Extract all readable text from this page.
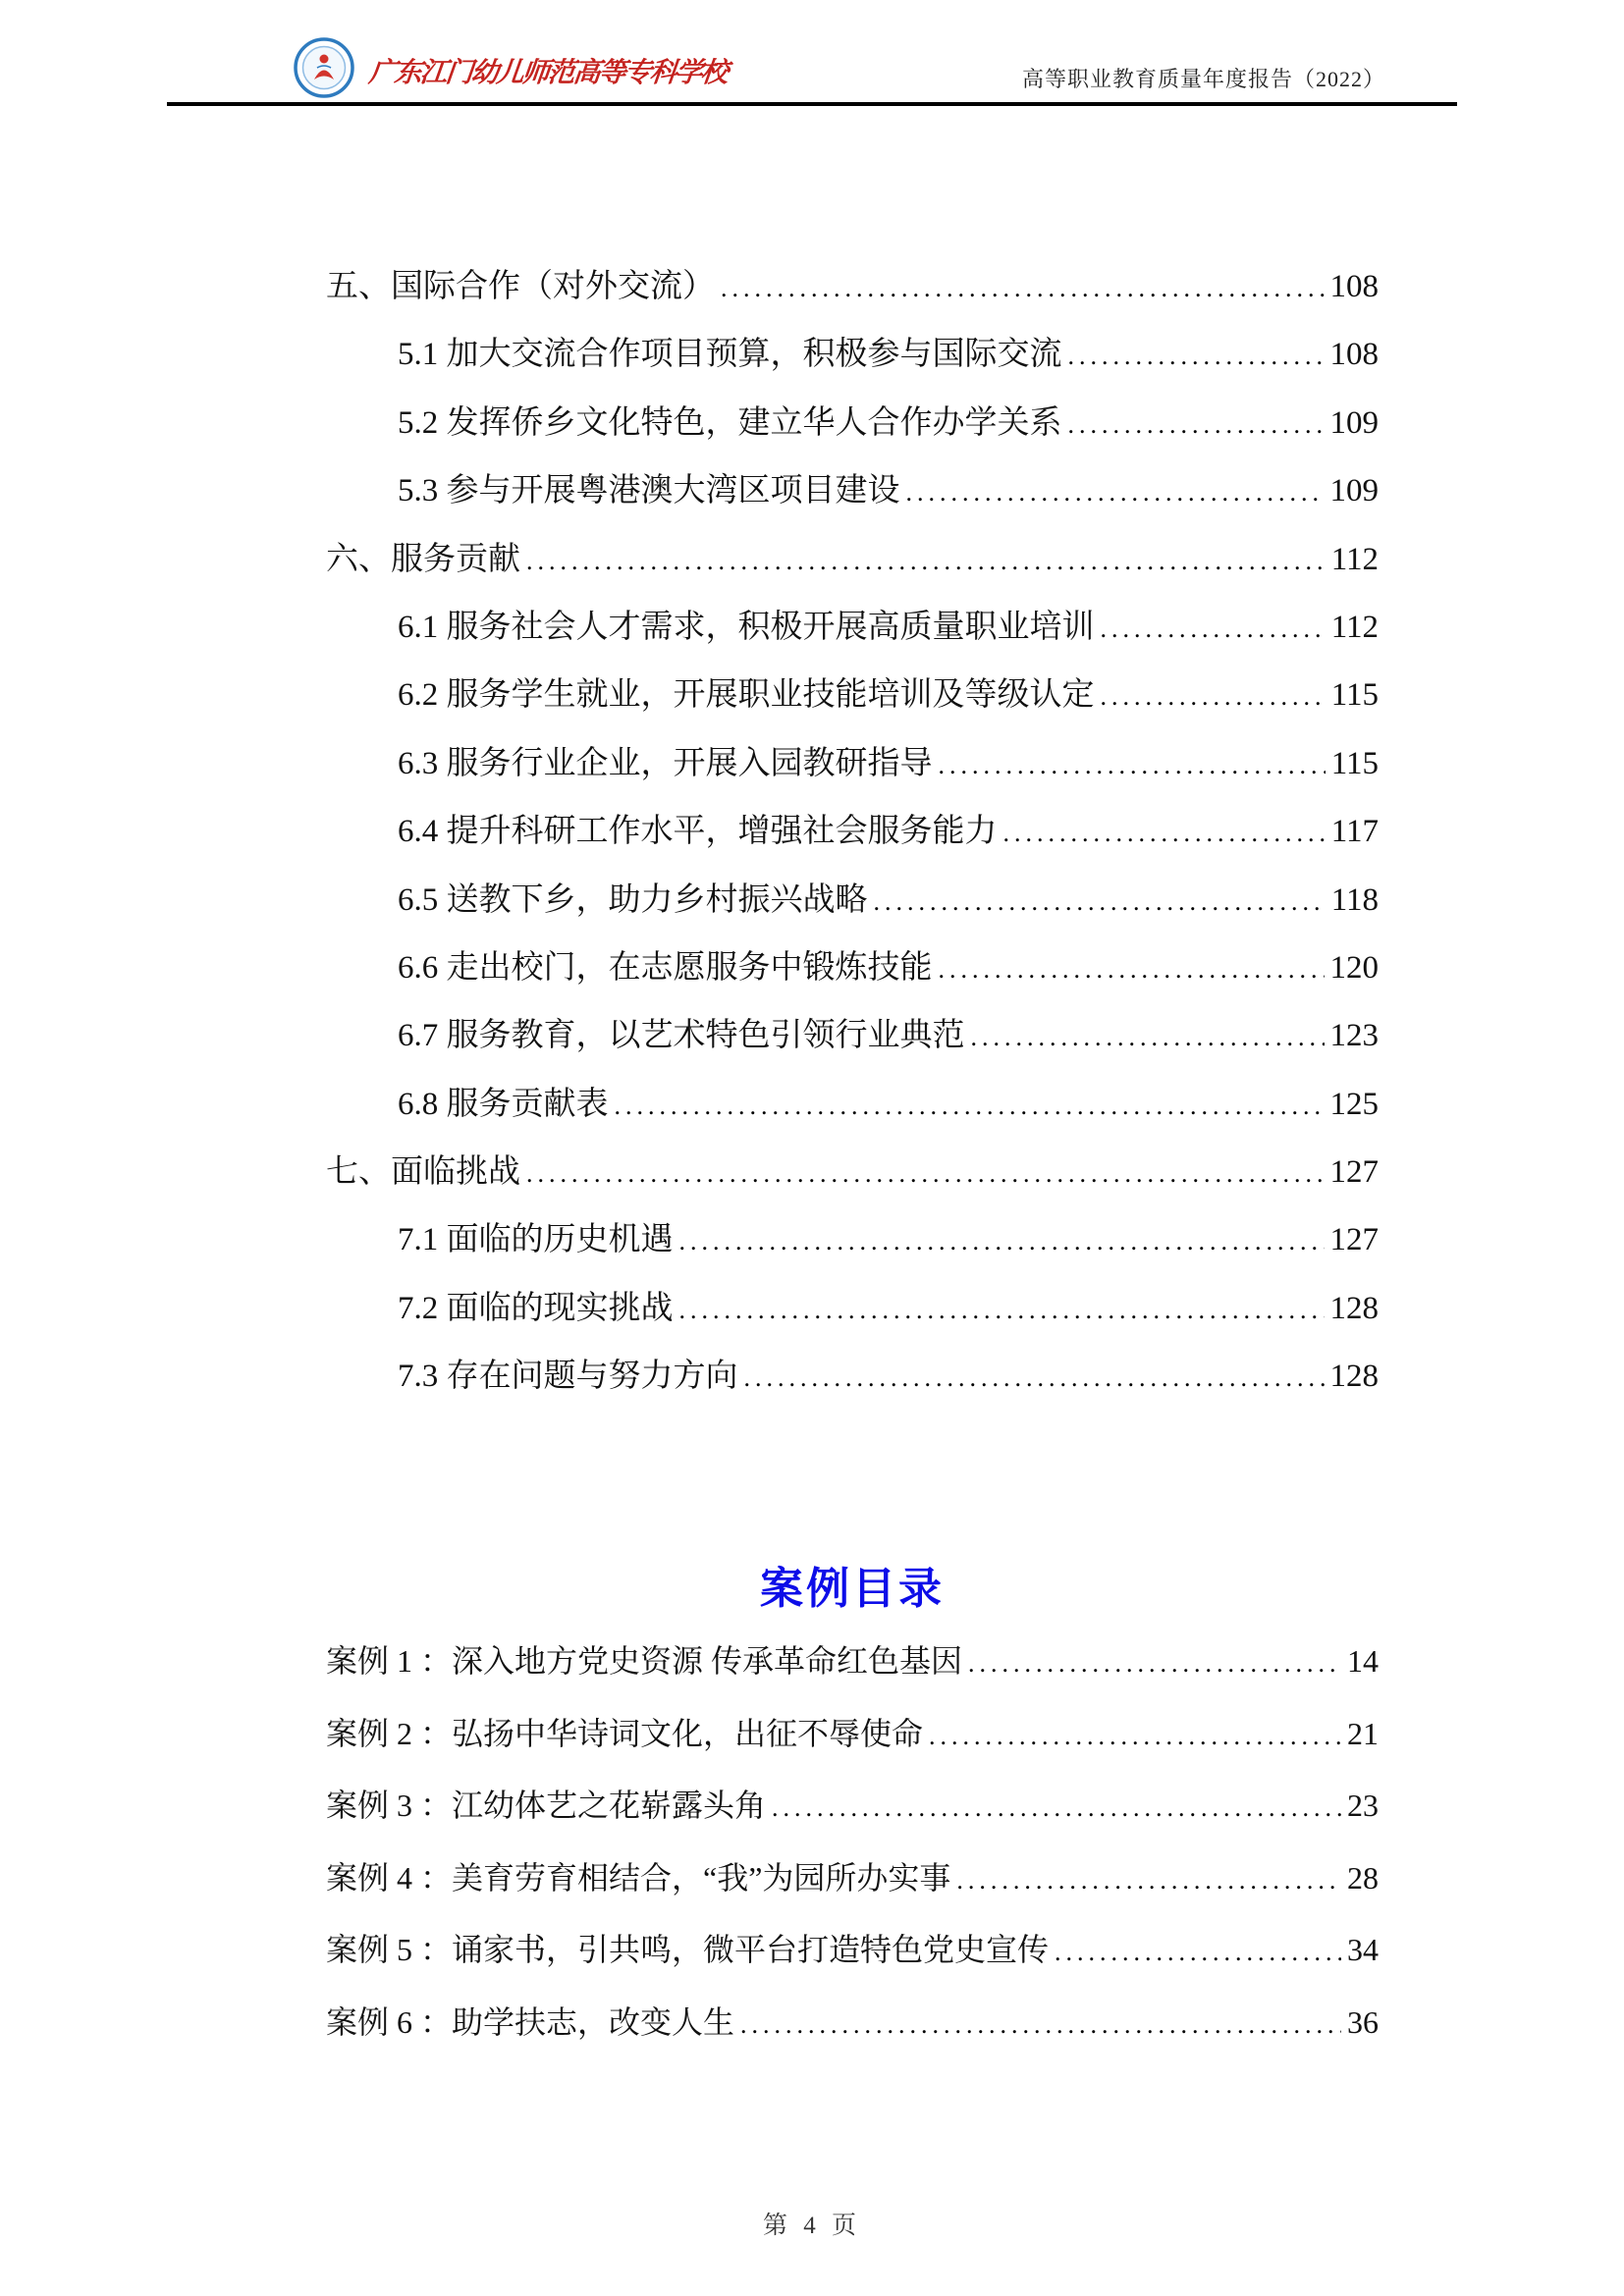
广东江门幼儿师范高等专科学校	高等职业教育质量年度报告（2022）
五、国际合作（对外交流） .....	108
5.1 加大交流合作项目预算，积极参与国际交流 .....	108
5.2 发挥侨乡文化特色，建立华人合作办学关系 .....	109
5.3 参与开展粤港澳大湾区项目建设 .....	109
六、服务贡献 .....	112
6.1 服务社会人才需求，积极开展高质量职业培训 .....	112
6.2 服务学生就业，开展职业技能培训及等级认定 .....	115
6.3 服务行业企业，开展入园教研指导 .....	115
6.4 提升科研工作水平，增强社会服务能力 .....	117
6.5 送教下乡，助力乡村振兴战略 .....	118
6.6 走出校门，在志愿服务中锻炼技能 .....	120
6.7 服务教育，以艺术特色引领行业典范 .....	123
6.8 服务贡献表 .....	125
七、面临挑战 .....	127
7.1 面临的历史机遇 .....	127
7.2 面临的现实挑战 .....	128
7.3 存在问题与努力方向 .....	128
案例目录
案例 1 ：深入地方党史资源 传承革命红色基因 .....	14
案例 2 ：弘扬中华诗词文化，出征不辱使命 .....	21
案例 3 ：江幼体艺之花崭露头角 .....	23
案例 4 ：美育劳育相结合，“我”为园所办实事 .....	28
案例 5 ：诵家书，引共鸣，微平台打造特色党史宣传 .....	34
案例 6 ：助学扶志，改变人生 .....	36
第 4 页
